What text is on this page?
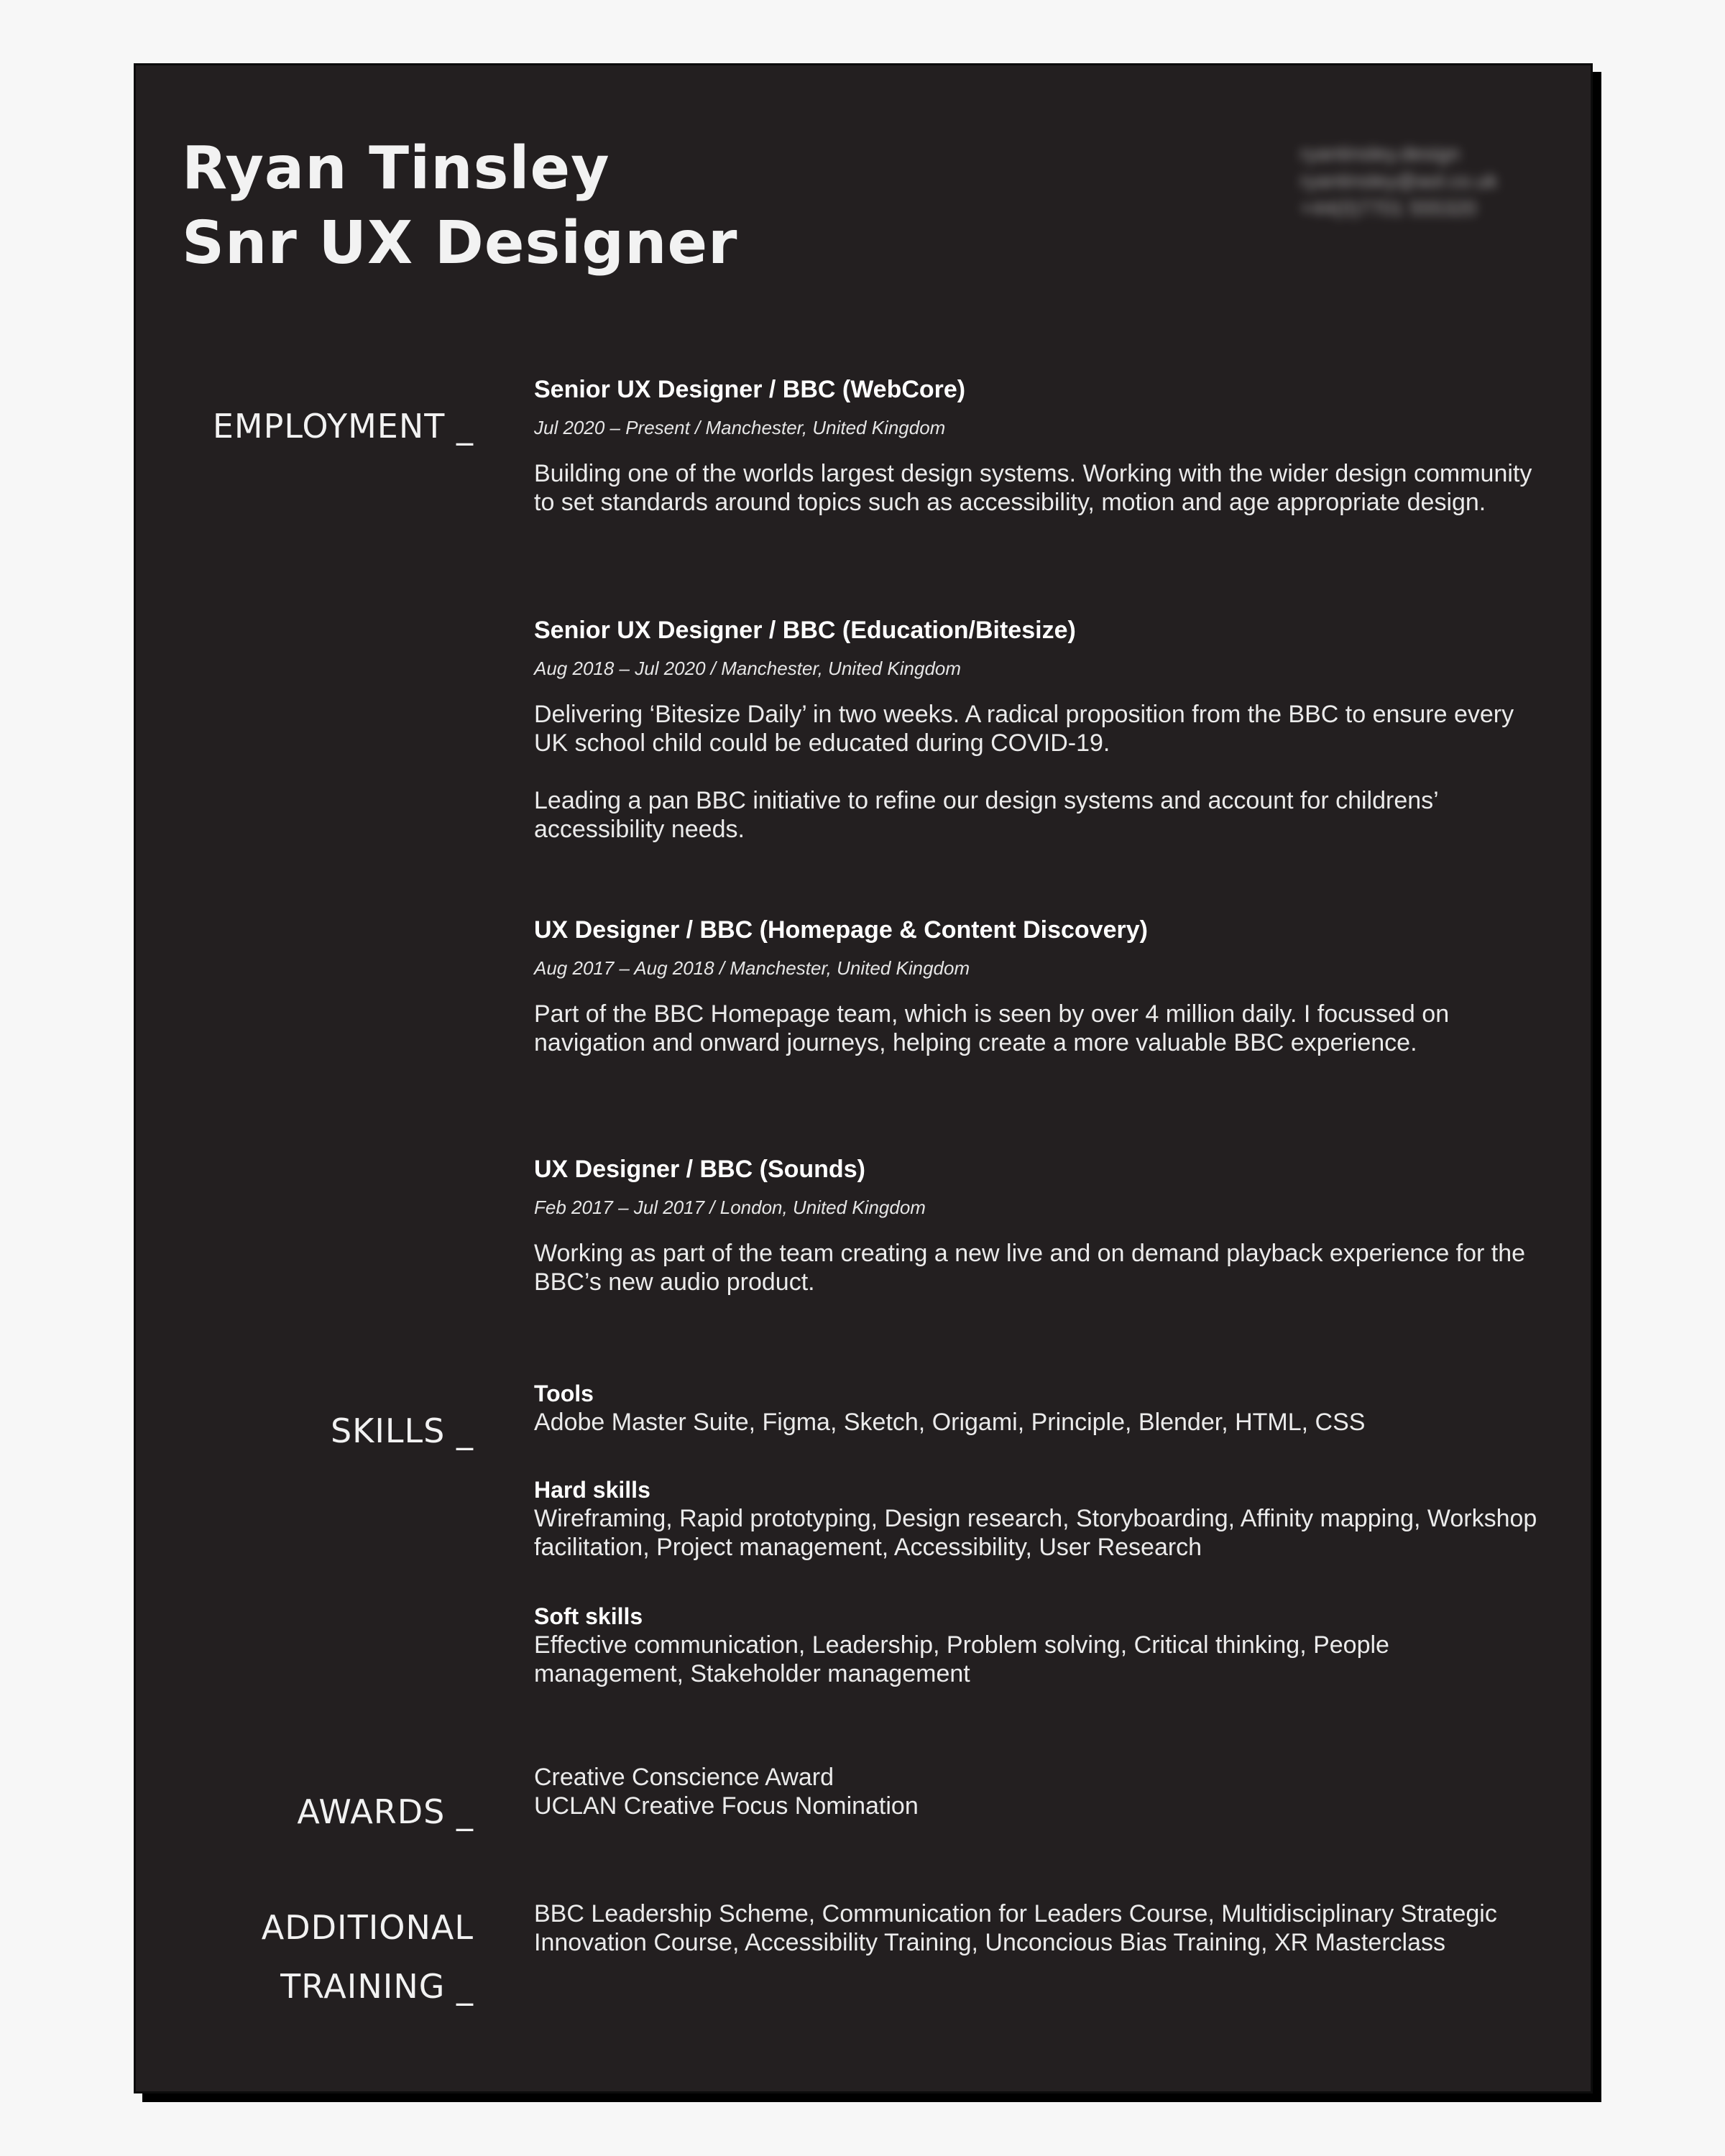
Ryan Tinsley
Snr UX Designer
ryantinsley.design
ryantinsley@aol.co.uk
+44(0)7701 555320
EMPLOYMENT _
Senior UX Designer / BBC (WebCore)
Jul 2020 – Present / Manchester, United Kingdom

Building one of the worlds largest design systems. Working with the wider design community to set standards around topics such as accessibility, motion and age appropriate design.

Senior UX Designer / BBC (Education/Bitesize)
Aug 2018 – Jul 2020 / Manchester, United Kingdom

Delivering ‘Bitesize Daily’ in two weeks. A radical proposition from the BBC to ensure every UK school child could be educated during COVID-19.

Leading a pan BBC initiative to refine our design systems and account for childrens’ accessibility needs.

UX Designer / BBC (Homepage & Content Discovery)
Aug 2017 – Aug 2018 / Manchester, United Kingdom

Part of the BBC Homepage team, which is seen by over 4 million daily. I focussed on navigation and onward journeys, helping create a more valuable BBC experience.

UX Designer / BBC (Sounds)
Feb 2017 – Jul 2017 / London, United Kingdom

Working as part of the team creating a new live and on demand playback experience for the BBC’s new audio product.

SKILLS _
Tools
Adobe Master Suite, Figma, Sketch, Origami, Principle, Blender, HTML, CSS
Hard skills
Wireframing, Rapid prototyping, Design research, Storyboarding, Affinity mapping, Workshop facilitation, Project management, Accessibility, User Research
Soft skills
Effective communication, Leadership, Problem solving, Critical thinking, People management, Stakeholder management
AWARDS _
Creative Conscience Award
UCLAN Creative Focus Nomination
ADDITIONAL
TRAINING _
BBC Leadership Scheme, Communication for Leaders Course, Multidisciplinary Strategic Innovation Course, Accessibility Training, Unconcious Bias Training, XR Masterclass
